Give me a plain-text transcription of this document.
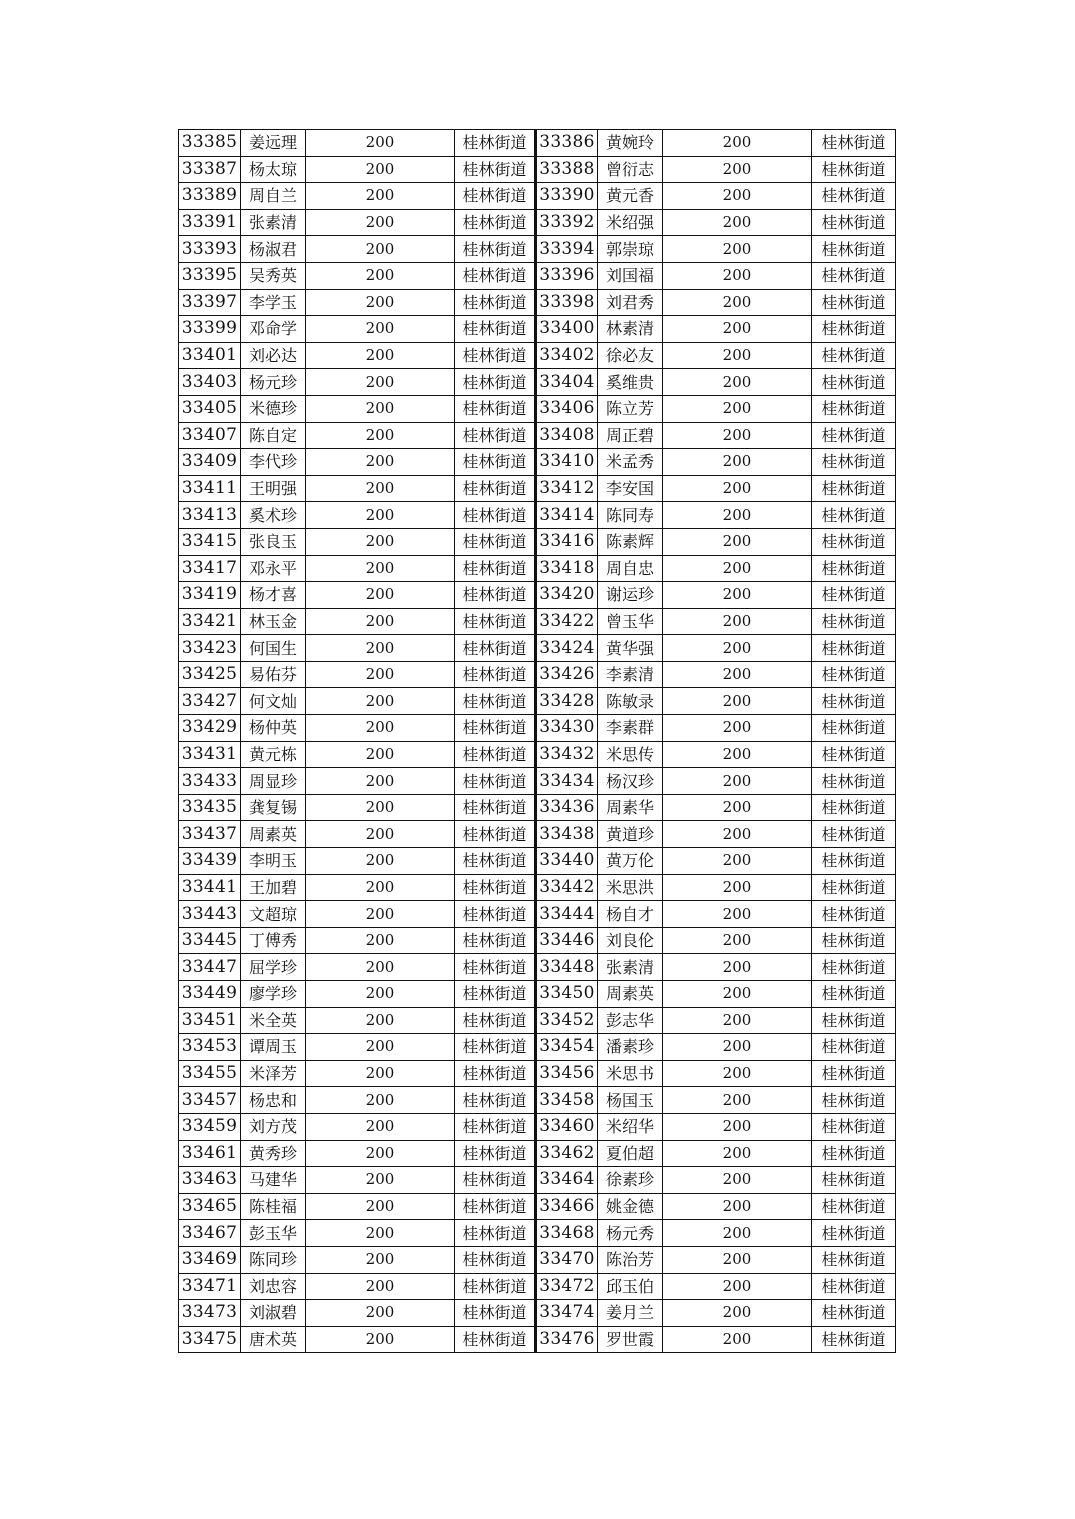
33385	姜远理	200	桂林街道	33386	黄婉玲	200	桂林街道
33387	杨太琼	200	桂林街道	33388	曾衍志	200	桂林街道
33389	周自兰	200	桂林街道	33390	黄元香	200	桂林街道
33391	张素清	200	桂林街道	33392	米绍强	200	桂林街道
33393	杨淑君	200	桂林街道	33394	郭崇琼	200	桂林街道
33395	吴秀英	200	桂林街道	33396	刘国福	200	桂林街道
33397	李学玉	200	桂林街道	33398	刘君秀	200	桂林街道
33399	邓命学	200	桂林街道	33400	林素清	200	桂林街道
33401	刘必达	200	桂林街道	33402	徐必友	200	桂林街道
33403	杨元珍	200	桂林街道	33404	奚维贵	200	桂林街道
33405	米德珍	200	桂林街道	33406	陈立芳	200	桂林街道
33407	陈自定	200	桂林街道	33408	周正碧	200	桂林街道
33409	李代珍	200	桂林街道	33410	米孟秀	200	桂林街道
33411	王明强	200	桂林街道	33412	李安国	200	桂林街道
33413	奚术珍	200	桂林街道	33414	陈同寿	200	桂林街道
33415	张良玉	200	桂林街道	33416	陈素辉	200	桂林街道
33417	邓永平	200	桂林街道	33418	周自忠	200	桂林街道
33419	杨才喜	200	桂林街道	33420	谢运珍	200	桂林街道
33421	林玉金	200	桂林街道	33422	曾玉华	200	桂林街道
33423	何国生	200	桂林街道	33424	黄华强	200	桂林街道
33425	易佑芬	200	桂林街道	33426	李素清	200	桂林街道
33427	何文灿	200	桂林街道	33428	陈敏录	200	桂林街道
33429	杨仲英	200	桂林街道	33430	李素群	200	桂林街道
33431	黄元栋	200	桂林街道	33432	米思传	200	桂林街道
33433	周显珍	200	桂林街道	33434	杨汉珍	200	桂林街道
33435	龚复锡	200	桂林街道	33436	周素华	200	桂林街道
33437	周素英	200	桂林街道	33438	黄道珍	200	桂林街道
33439	李明玉	200	桂林街道	33440	黄万伦	200	桂林街道
33441	王加碧	200	桂林街道	33442	米思洪	200	桂林街道
33443	文超琼	200	桂林街道	33444	杨自才	200	桂林街道
33445	丁傅秀	200	桂林街道	33446	刘良伦	200	桂林街道
33447	屈学珍	200	桂林街道	33448	张素清	200	桂林街道
33449	廖学珍	200	桂林街道	33450	周素英	200	桂林街道
33451	米全英	200	桂林街道	33452	彭志华	200	桂林街道
33453	谭周玉	200	桂林街道	33454	潘素珍	200	桂林街道
33455	米泽芳	200	桂林街道	33456	米思书	200	桂林街道
33457	杨忠和	200	桂林街道	33458	杨国玉	200	桂林街道
33459	刘方茂	200	桂林街道	33460	米绍华	200	桂林街道
33461	黄秀珍	200	桂林街道	33462	夏伯超	200	桂林街道
33463	马建华	200	桂林街道	33464	徐素珍	200	桂林街道
33465	陈桂福	200	桂林街道	33466	姚金德	200	桂林街道
33467	彭玉华	200	桂林街道	33468	杨元秀	200	桂林街道
33469	陈同珍	200	桂林街道	33470	陈治芳	200	桂林街道
33471	刘忠容	200	桂林街道	33472	邱玉伯	200	桂林街道
33473	刘淑碧	200	桂林街道	33474	姜月兰	200	桂林街道
33475	唐术英	200	桂林街道	33476	罗世霞	200	桂林街道
